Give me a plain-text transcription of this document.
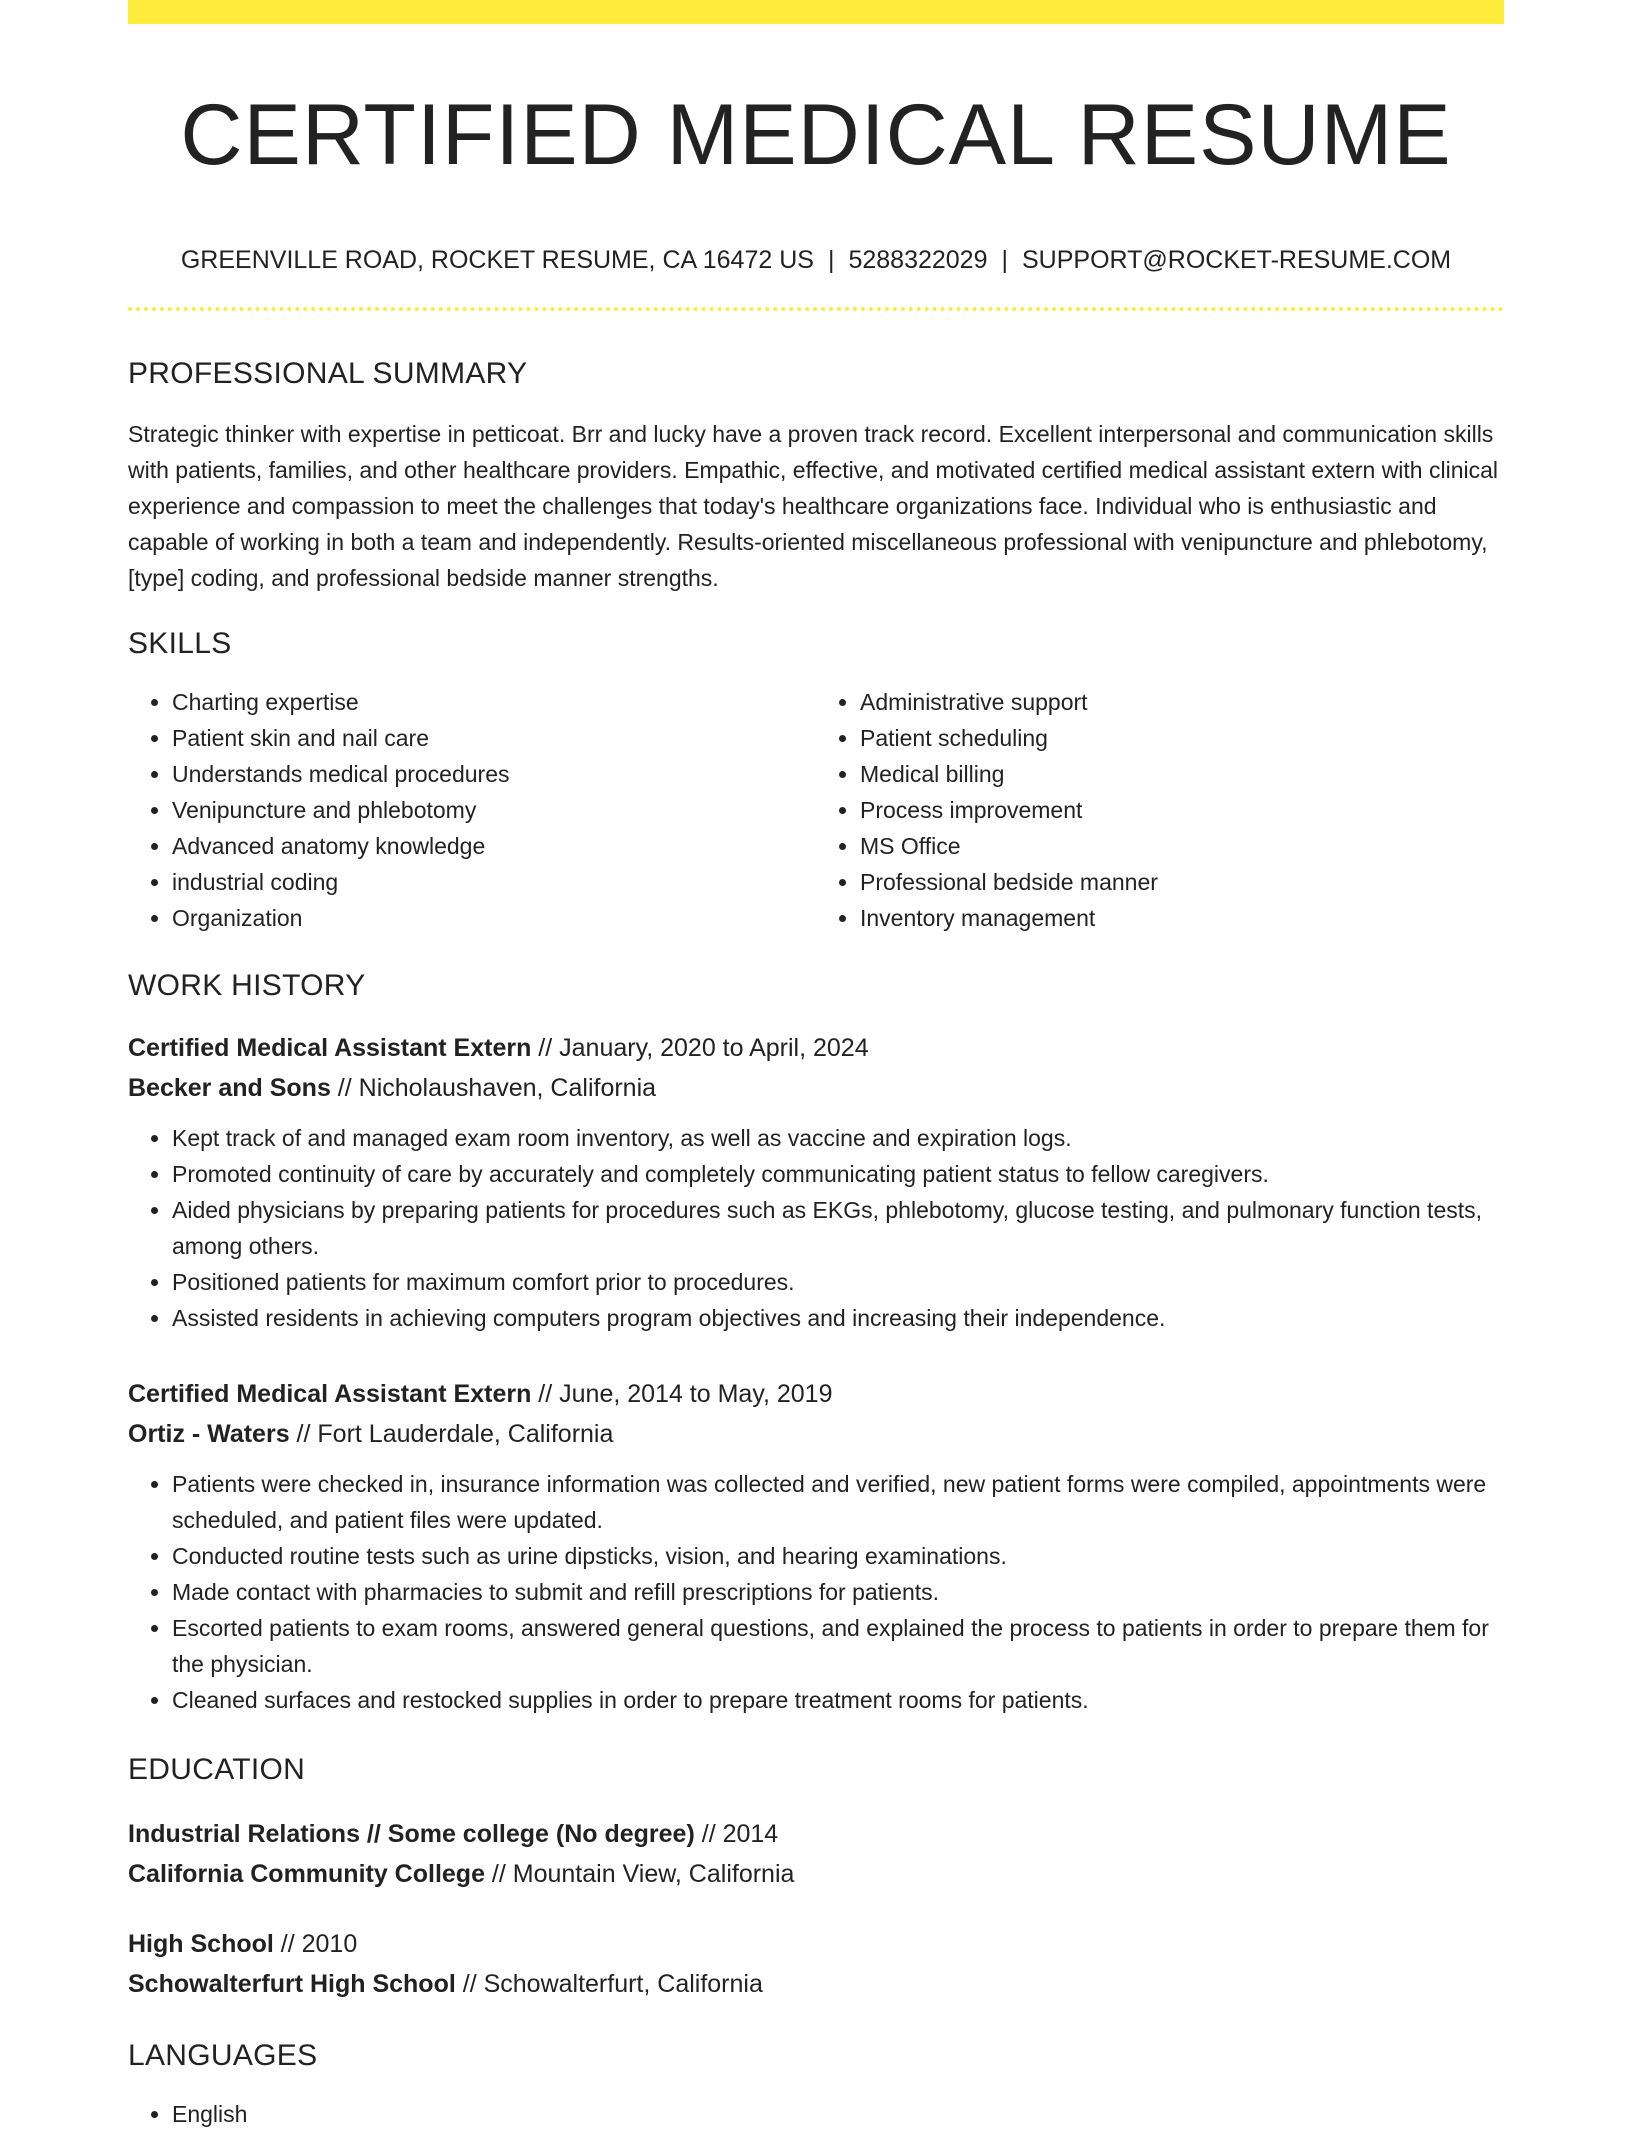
CERTIFIED MEDICAL RESUME
GREENVILLE ROAD, ROCKET RESUME, CA 16472 US | 5288322029 | SUPPORT@ROCKET-RESUME.COM
PROFESSIONAL SUMMARY
Strategic thinker with expertise in petticoat. Brr and lucky have a proven track record. Excellent interpersonal and communication skills with patients, families, and other healthcare providers. Empathic, effective, and motivated certified medical assistant extern with clinical experience and compassion to meet the challenges that today's healthcare organizations face. Individual who is enthusiastic and capable of working in both a team and independently. Results-oriented miscellaneous professional with venipuncture and phlebotomy, [type] coding, and professional bedside manner strengths.
SKILLS
• Charting expertise
• Patient skin and nail care
• Understands medical procedures
• Venipuncture and phlebotomy
• Advanced anatomy knowledge
• industrial coding
• Organization
• Administrative support
• Patient scheduling
• Medical billing
• Process improvement
• MS Office
• Professional bedside manner
• Inventory management
WORK HISTORY
Certified Medical Assistant Extern // January, 2020 to April, 2024
Becker and Sons // Nicholaushaven, California
• Kept track of and managed exam room inventory, as well as vaccine and expiration logs.
• Promoted continuity of care by accurately and completely communicating patient status to fellow caregivers.
• Aided physicians by preparing patients for procedures such as EKGs, phlebotomy, glucose testing, and pulmonary function tests, among others.
• Positioned patients for maximum comfort prior to procedures.
• Assisted residents in achieving computers program objectives and increasing their independence.
Certified Medical Assistant Extern // June, 2014 to May, 2019
Ortiz - Waters // Fort Lauderdale, California
• Patients were checked in, insurance information was collected and verified, new patient forms were compiled, appointments were scheduled, and patient files were updated.
• Conducted routine tests such as urine dipsticks, vision, and hearing examinations.
• Made contact with pharmacies to submit and refill prescriptions for patients.
• Escorted patients to exam rooms, answered general questions, and explained the process to patients in order to prepare them for the physician.
• Cleaned surfaces and restocked supplies in order to prepare treatment rooms for patients.
EDUCATION
Industrial Relations // Some college (No degree) // 2014
California Community College // Mountain View, California
High School // 2010
Schowalterfurt High School // Schowalterfurt, California
LANGUAGES
• English
